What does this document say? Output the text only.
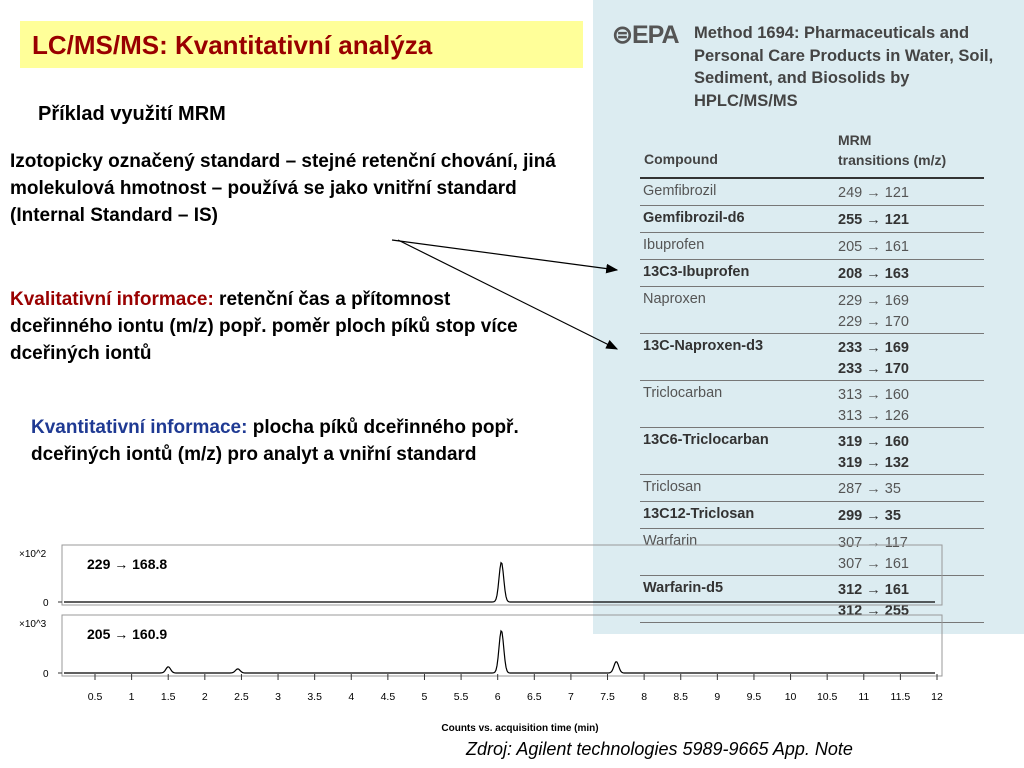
LC/MS/MS: Kvantitativní analýza
Příklad využití MRM
Izotopicky označený standard – stejné retenční chování, jiná molekulová hmotnost – používá se jako vnitřní standard (Internal Standard – IS)
Kvalitativní informace: retenční čas a přítomnost dceřinného iontu (m/z) popř. poměr ploch píků stop více dceřiných iontů
Kvantitativní informace: plocha píků dceřinného popř. dceřiných iontů (m/z) pro analyt a vniřní standard
⊜EPA Method 1694: Pharmaceuticals and Personal Care Products in Water, Soil, Sediment, and Biosolids by HPLC/MS/MS
Compound
MRM
transitions (m/z)
Gemfibrozil	249 → 121
Gemfibrozil-d6	255 → 121
Ibuprofen	205 → 161
13C3-Ibuprofen	208 → 163
Naproxen	229 → 169
229 → 170
13C-Naproxen-d3	233 → 169
233 → 170
Triclocarban	313 → 160
313 → 126
13C6-Triclocarban	319 → 160
319 → 132
Triclosan	287 → 35
13C12-Triclosan	299 → 35
Warfarin	307 → 117
307 → 161
Warfarin-d5	312 → 161
312 → 255
×10^2
0
229 → 168.8
×10^3
0
205 → 160.9
0.5	1	1.5	2	2.5	3	3.5	4	4.5	5	5.5	6	6.5	7	7.5	8	8.5	9	9.5 10 10.5 11 11.5 12
Counts vs. acquisition time (min)
Zdroj: Agilent technologies 5989-9665 App. Note
